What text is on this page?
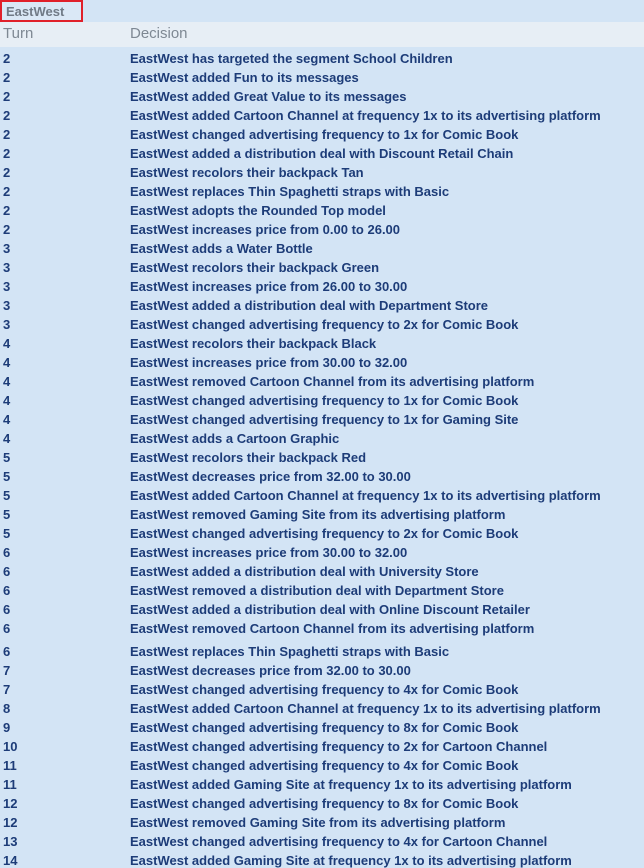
EastWest
Turn	Decision
2	EastWest has targeted the segment School Children
2	EastWest added Fun to its messages
2	EastWest added Great Value to its messages
2	EastWest added Cartoon Channel at frequency 1x to its advertising platform
2	EastWest changed advertising frequency to 1x for Comic Book
2	EastWest added a distribution deal with Discount Retail Chain
2	EastWest recolors their backpack Tan
2	EastWest replaces Thin Spaghetti straps with Basic
2	EastWest adopts the Rounded Top model
2	EastWest increases price from 0.00 to 26.00
3	EastWest adds a Water Bottle
3	EastWest recolors their backpack Green
3	EastWest increases price from 26.00 to 30.00
3	EastWest added a distribution deal with Department Store
3	EastWest changed advertising frequency to 2x for Comic Book
4	EastWest recolors their backpack Black
4	EastWest increases price from 30.00 to 32.00
4	EastWest removed Cartoon Channel from its advertising platform
4	EastWest changed advertising frequency to 1x for Comic Book
4	EastWest changed advertising frequency to 1x for Gaming Site
4	EastWest adds a Cartoon Graphic
5	EastWest recolors their backpack Red
5	EastWest decreases price from 32.00 to 30.00
5	EastWest added Cartoon Channel at frequency 1x to its advertising platform
5	EastWest removed Gaming Site from its advertising platform
5	EastWest changed advertising frequency to 2x for Comic Book
6	EastWest increases price from 30.00 to 32.00
6	EastWest added a distribution deal with University Store
6	EastWest removed a distribution deal with Department Store
6	EastWest added a distribution deal with Online Discount Retailer
6	EastWest removed Cartoon Channel from its advertising platform
6	EastWest replaces Thin Spaghetti straps with Basic
7	EastWest decreases price from 32.00 to 30.00
7	EastWest changed advertising frequency to 4x for Comic Book
8	EastWest added Cartoon Channel at frequency 1x to its advertising platform
9	EastWest changed advertising frequency to 8x for Comic Book
10	EastWest changed advertising frequency to 2x for Cartoon Channel
11	EastWest changed advertising frequency to 4x for Comic Book
11	EastWest added Gaming Site at frequency 1x to its advertising platform
12	EastWest changed advertising frequency to 8x for Comic Book
12	EastWest removed Gaming Site from its advertising platform
13	EastWest changed advertising frequency to 4x for Cartoon Channel
14	EastWest added Gaming Site at frequency 1x to its advertising platform
